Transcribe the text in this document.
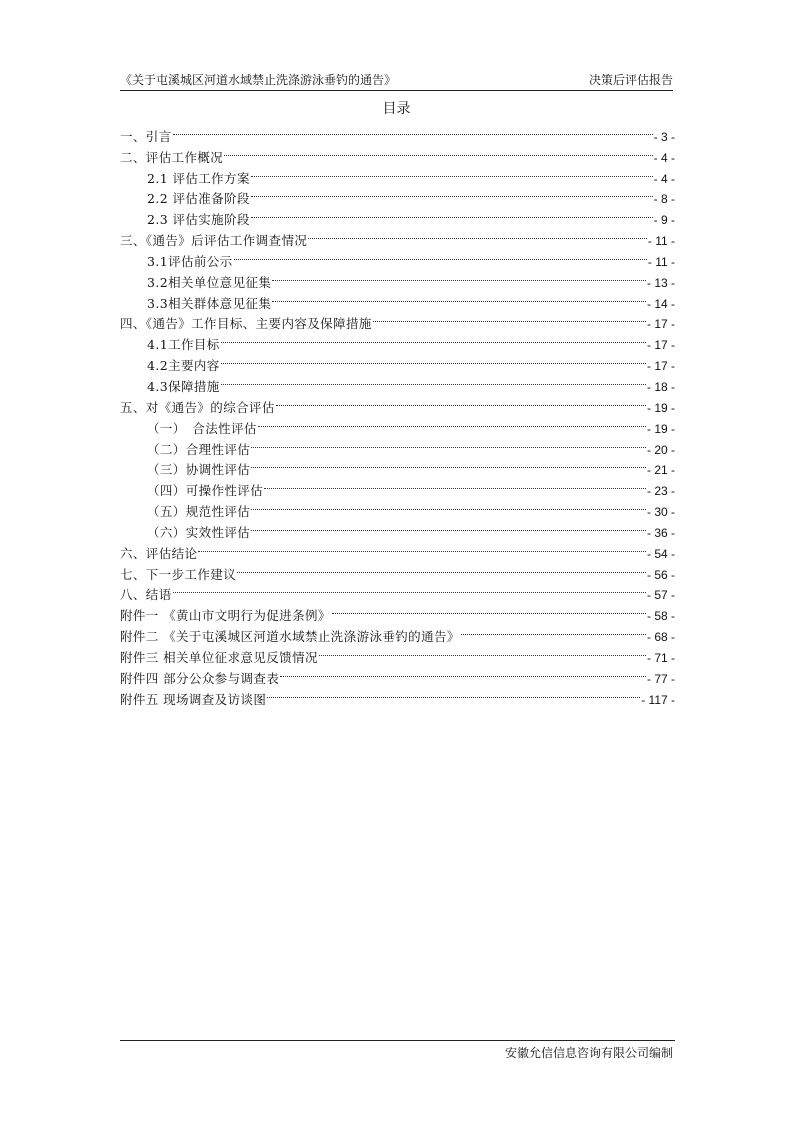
《关于屯溪城区河道水域禁止洗涤游泳垂钓的通告》	决策后评估报告
目录
一、引言	- 3 -
二、评估工作概况	- 4 -
2.1 评估工作方案	- 4 -
2.2 评估准备阶段	- 8 -
2.3 评估实施阶段	- 9 -
三、《通告》后评估工作调查情况	- 11 -
3.1评估前公示	- 11 -
3.2相关单位意见征集	- 13 -
3.3相关群体意见征集	- 14 -
四、《通告》工作目标、主要内容及保障措施	- 17 -
4.1工作目标	- 17 -
4.2主要内容	- 17 -
4.3保障措施	- 18 -
五、对《通告》的综合评估	- 19 -
（一）　合法性评估	- 19 -
（二）合理性评估	- 20 -
（三）协调性评估	- 21 -
（四）可操作性评估	- 23 -
（五）规范性评估	- 30 -
（六）实效性评估	- 36 -
六、评估结论	- 54 -
七、下一步工作建议	- 56 -
八、结语	- 57 -
附件一 《黄山市文明行为促进条例》	- 58 -
附件二 《关于屯溪城区河道水域禁止洗涤游泳垂钓的通告》	- 68 -
附件三 相关单位征求意见反馈情况	- 71 -
附件四 部分公众参与调查表	- 77 -
附件五 现场调查及访谈图	- 117 -
安徽允信信息咨询有限公司编制
